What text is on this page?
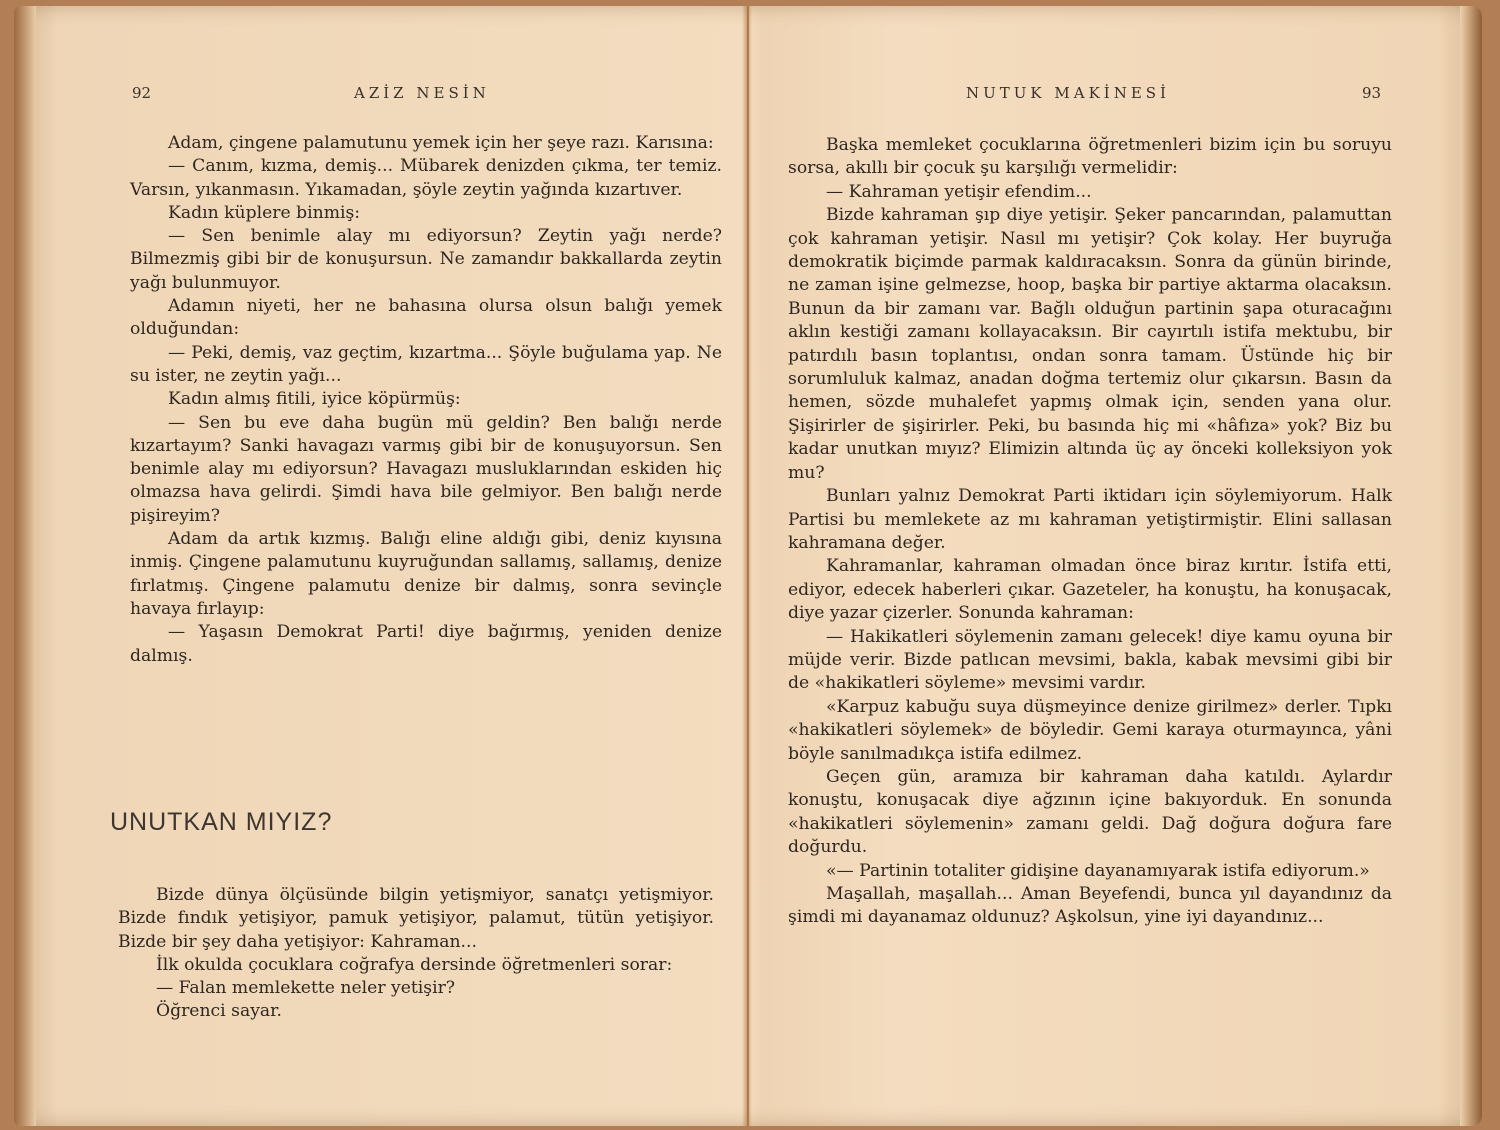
92	AZİZ NESİN

Adam, çingene palamutunu yemek için her şeye razı. Karısına:

— Canım, kızma, demiş... Mübarek denizden çıkma, ter temiz. Varsın, yıkanmasın. Yıkamadan, şöyle zeytin yağında kızartıver.

Kadın küplere binmiş:

— Sen benimle alay mı ediyorsun? Zeytin yağı nerde? Bilmezmiş gibi bir de konuşursun. Ne zamandır bakkallarda zeytin yağı bulunmuyor.

Adamın niyeti, her ne bahasına olursa olsun balığı yemek olduğundan:

— Peki, demiş, vaz geçtim, kızartma... Şöyle buğulama yap. Ne su ister, ne zeytin yağı...

Kadın almış fitili, iyice köpürmüş:

— Sen bu eve daha bugün mü geldin? Ben balığı nerde kızartayım? Sanki havagazı varmış gibi bir de konuşuyorsun. Sen benimle alay mı ediyorsun? Havagazı musluklarından eskiden hiç olmazsa hava gelirdi. Şimdi hava bile gelmiyor. Ben balığı nerde pişireyim?

Adam da artık kızmış. Balığı eline aldığı gibi, deniz kıyısına inmiş. Çingene palamutunu kuyruğundan sallamış, sallamış, denize fırlatmış. Çingene palamutu denize bir dalmış, sonra sevinçle havaya fırlayıp:

— Yaşasın Demokrat Parti! diye bağırmış, yeniden denize dalmış.

UNUTKAN MIYIZ?

Bizde dünya ölçüsünde bilgin yetişmiyor, sanatçı yetişmiyor. Bizde fındık yetişiyor, pamuk yetişiyor, palamut, tütün yetişiyor. Bizde bir şey daha yetişiyor: Kahraman...

İlk okulda çocuklara coğrafya dersinde öğretmenleri sorar:

— Falan memlekette neler yetişir?

Öğrenci sayar.

NUTUK MAKİNESİ	93

Başka memleket çocuklarına öğretmenleri bizim için bu soruyu sorsa, akıllı bir çocuk şu karşılığı vermelidir:

— Kahraman yetişir efendim...

Bizde kahraman şıp diye yetişir. Şeker pancarından, palamuttan çok kahraman yetişir. Nasıl mı yetişir? Çok kolay. Her buyruğa demokratik biçimde parmak kaldıracaksın. Sonra da günün birinde, ne zaman işine gelmezse, hoop, başka bir partiye aktarma olacaksın. Bunun da bir zamanı var. Bağlı olduğun partinin şapa oturacağını aklın kestiği zamanı kollayacaksın. Bir cayırtılı istifa mektubu, bir patırdılı basın toplantısı, ondan sonra tamam. Üstünde hiç bir sorumluluk kalmaz, anadan doğma tertemiz olur çıkarsın. Basın da hemen, sözde muhalefet yapmış olmak için, senden yana olur. Şişirirler de şişirirler. Peki, bu basında hiç mi «hâfıza» yok? Biz bu kadar unutkan mıyız? Elimizin altında üç ay önceki kolleksiyon yok mu?

Bunları yalnız Demokrat Parti iktidarı için söylemiyorum. Halk Partisi bu memlekete az mı kahraman yetiştirmiştir. Elini sallasan kahramana değer.

Kahramanlar, kahraman olmadan önce biraz kırıtır. İstifa etti, ediyor, edecek haberleri çıkar. Gazeteler, ha konuştu, ha konuşacak, diye yazar çizerler. Sonunda kahraman:

— Hakikatleri söylemenin zamanı gelecek! diye kamu oyuna bir müjde verir. Bizde patlıcan mevsimi, bakla, kabak mevsimi gibi bir de «hakikatleri söyleme» mevsimi vardır.

«Karpuz kabuğu suya düşmeyince denize girilmez» derler. Tıpkı «hakikatleri söylemek» de böyledir. Gemi karaya oturmayınca, yâni böyle sanılmadıkça istifa edilmez.

Geçen gün, aramıza bir kahraman daha katıldı. Aylardır konuştu, konuşacak diye ağzının içine bakıyorduk. En sonunda «hakikatleri söylemenin» zamanı geldi. Dağ doğura doğura fare doğurdu.

«— Partinin totaliter gidişine dayanamıyarak istifa ediyorum.»

Maşallah, maşallah... Aman Beyefendi, bunca yıl dayandınız da şimdi mi dayanamaz oldunuz? Aşkolsun, yine iyi dayandınız...
